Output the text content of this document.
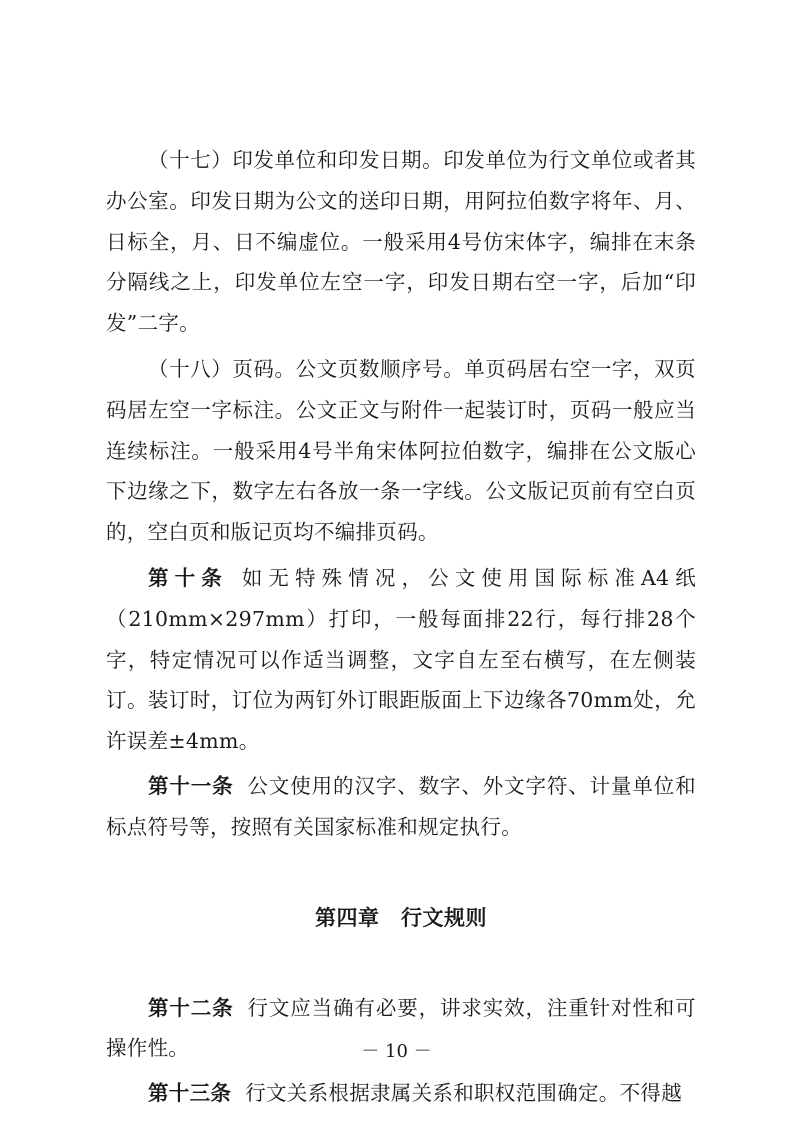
（十七）印发单位和印发日期。印发单位为行文单位或者其办公室。印发日期为公文的送印日期，用阿拉伯数字将年、月、日标全，月、日不编虚位。一般采用4号仿宋体字，编排在末条分隔线之上，印发单位左空一字，印发日期右空一字，后加“印发”二字。

（十八）页码。公文页数顺序号。单页码居右空一字，双页码居左空一字标注。公文正文与附件一起装订时，页码一般应当连续标注。一般采用4号半角宋体阿拉伯数字，编排在公文版心下边缘之下，数字左右各放一条一字线。公文版记页前有空白页的，空白页和版记页均不编排页码。

第十条 如无特殊情况，公文使用国际标准A4纸（210mm×297mm）打印，一般每面排22行，每行排28个字，特定情况可以作适当调整，文字自左至右横写，在左侧装订。装订时，订位为两钉外订眼距版面上下边缘各70mm处，允许误差±4mm。

第十一条 公文使用的汉字、数字、外文字符、计量单位和标点符号等，按照有关国家标准和规定执行。

第四章　行文规则

第十二条 行文应当确有必要，讲求实效，注重针对性和可操作性。

第十三条 行文关系根据隶属关系和职权范围确定。不得越

－ 10 －
